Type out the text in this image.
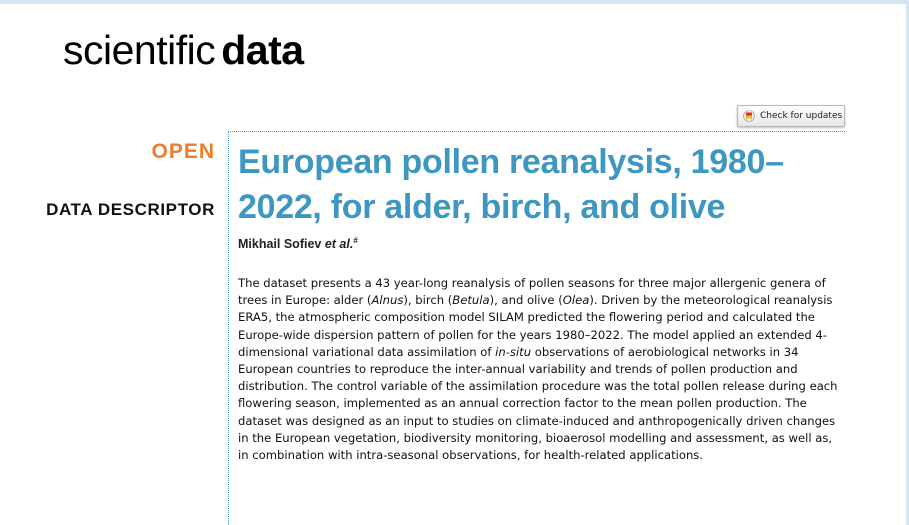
scientific data
Check for updates
OPEN
DATA DESCRIPTOR
European pollen reanalysis, 1980–2022, for alder, birch, and olive
Mikhail Sofiev et al.#

The dataset presents a 43 year-long reanalysis of pollen seasons for three major allergenic genera of trees in Europe: alder (Alnus), birch (Betula), and olive (Olea). Driven by the meteorological reanalysis ERA5, the atmospheric composition model SILAM predicted the flowering period and calculated the Europe-wide dispersion pattern of pollen for the years 1980–2022. The model applied an extended 4-dimensional variational data assimilation of in-situ observations of aerobiological networks in 34 European countries to reproduce the inter-annual variability and trends of pollen production and distribution. The control variable of the assimilation procedure was the total pollen release during each flowering season, implemented as an annual correction factor to the mean pollen production. The dataset was designed as an input to studies on climate-induced and anthropogenically driven changes in the European vegetation, biodiversity monitoring, bioaerosol modelling and assessment, as well as, in combination with intra-seasonal observations, for health-related applications.
